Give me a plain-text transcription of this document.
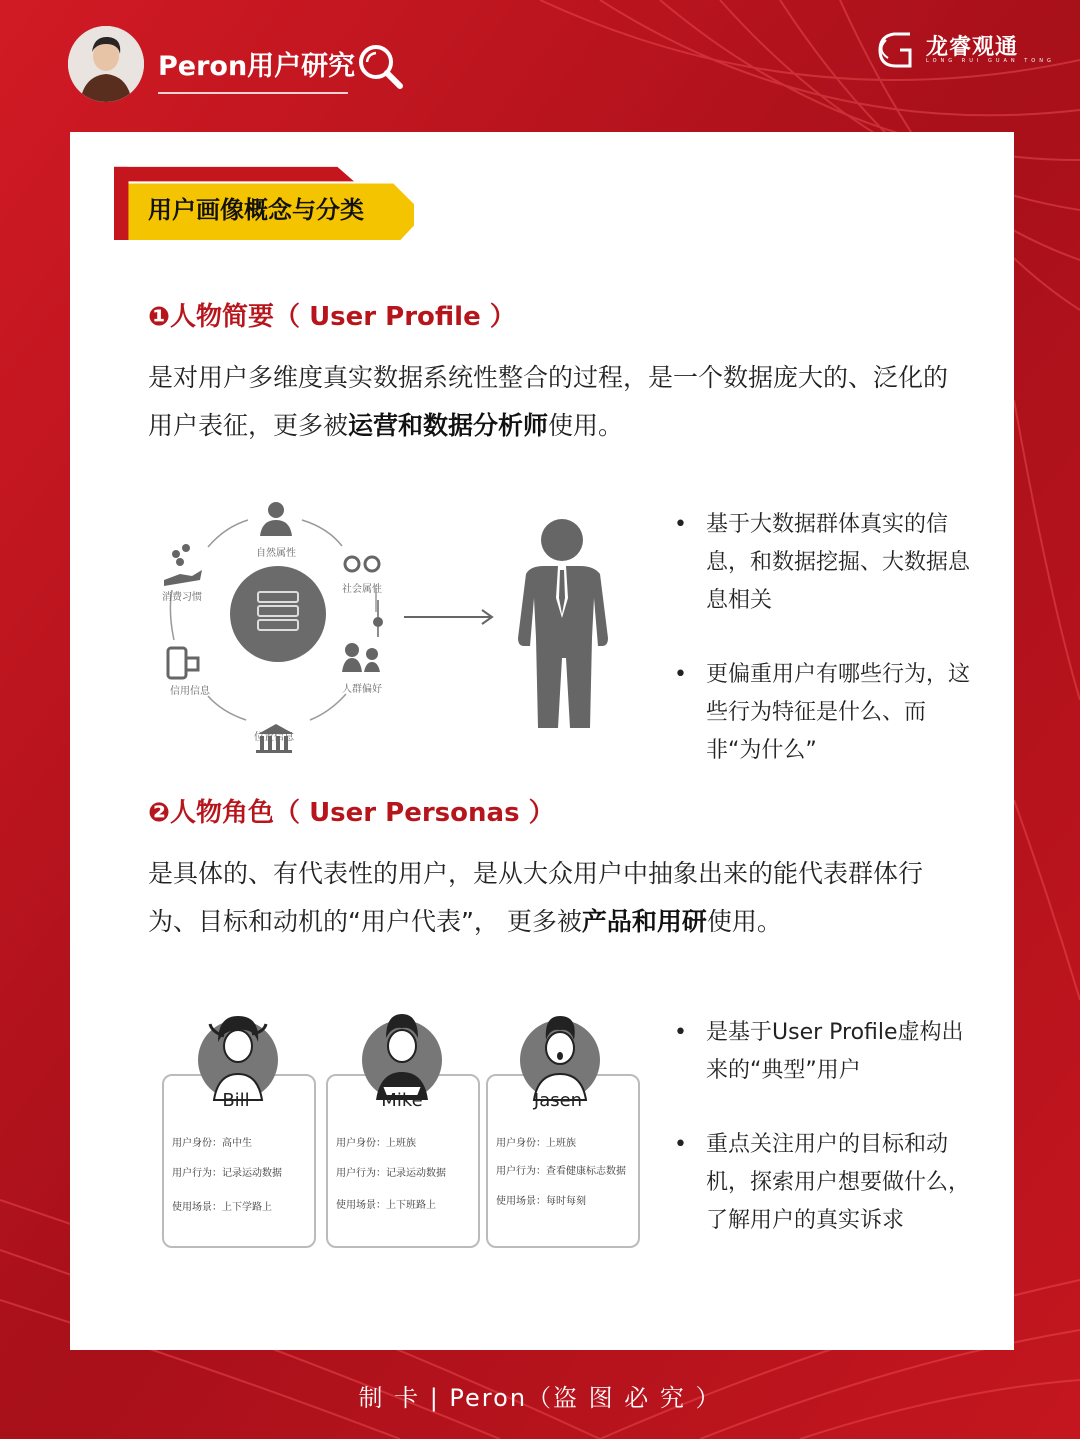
Peron用户研究
龙睿观通
LONG RUI GUAN TONG
用户画像概念与分类
❶人物简要（ User Profile ）
是对用户多维度真实数据系统性整合的过程，是一个数据庞大的、泛化的用户表征，更多被运营和数据分析师使用。
自然属性
社会属性
人群偏好
位置信息
信用信息
消费习惯
• 基于大数据群体真实的信息，和数据挖掘、大数据息息相关
• 更偏重用户有哪些行为，这些行为特征是什么、而非“为什么”
❷人物角色（ User Personas ）
是具体的、有代表性的用户，是从大众用户中抽象出来的能代表群体行为、目标和动机的“用户代表”， 更多被产品和用研使用。
用户身份：高中生
用户行为：记录运动数据
使用场景：上下学路上
用户身份：上班族
用户行为：记录运动数据
使用场景：上下班路上
用户身份：上班族
用户行为：查看健康标志数据
使用场景：每时每刻
Bill	Mike	Jasen
• 是基于User Profile虚构出来的“典型”用户
• 重点关注用户的目标和动机，探索用户想要做什么，了解用户的真实诉求
制 卡 | Peron（盗 图 必 究 ）
